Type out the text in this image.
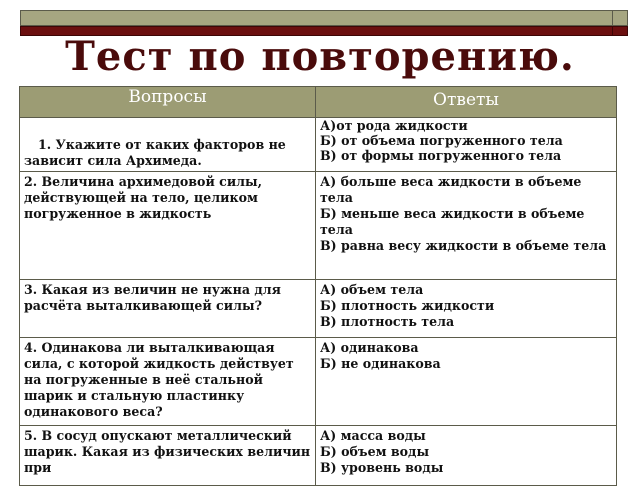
Тест по повторению.
Вопросы	Ответы

1. Укажите от каких факторов не
зависит сила Архимеда.	А)от рода жидкости
Б) от объема погруженного тела
В) от формы погруженного тела

2. Величина архимедовой силы, действующей на тело, целиком погруженное в жидкость	А) больше веса жидкости в объеме тела
Б) меньше веса жидкости в объеме тела
В) равна весу жидкости в объеме тела

3. Какая из величин не нужна для расчёта выталкивающей силы?	А) объем тела
Б) плотность жидкости
В) плотность тела

4. Одинакова ли выталкивающая сила, с которой жидкость действует на погруженные в неё стальной шарик и стальную пластинку одинакового веса?	А) одинакова
Б) не одинакова

5. В сосуд опускают металлический шарик. Какая из физических величин при	А) масса воды
Б) объем воды
В) уровень воды
